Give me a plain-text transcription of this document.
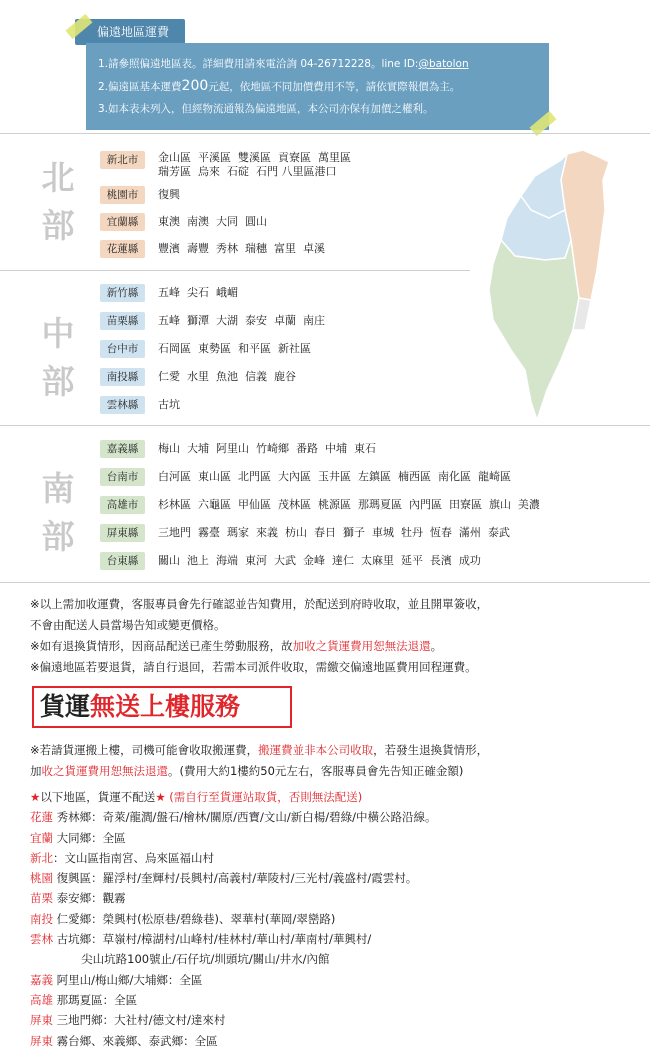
偏遠地區運費
1.請參照偏遠地區表。詳細費用請來電洽詢 04-26712228。line ID:@batolon
2.偏遠區基本運費200元起，依地區不同加價費用不等，請依實際報價為主。
3.如本表未列入，但經物流通報為偏遠地區，本公司亦保有加價之權利。
北
部
新北市	金山區  平溪區  雙溪區  貢寮區  萬里區
瑞芳區  烏來  石碇  石門 八里區港口
桃園市	復興
宜蘭縣	東澳  南澳  大同  圓山
花蓮縣	豐濱  壽豐  秀林  瑞穗  富里  卓溪
中
部
新竹縣	五峰  尖石  峨嵋
苗栗縣	五峰  獅潭  大湖  泰安  卓蘭  南庄
台中市	石岡區  東勢區  和平區  新社區
南投縣	仁愛  水里  魚池  信義  鹿谷
雲林縣	古坑
南
部
嘉義縣	梅山  大埔  阿里山  竹崎鄉  番路  中埔  東石
台南市	白河區  東山區  北門區  大內區  玉井區  左鎮區  楠西區  南化區  龍崎區
高雄市	杉林區  六龜區  甲仙區  茂林區  桃源區  那瑪夏區  內門區  田寮區  旗山  美濃
屏東縣	三地門  霧臺  瑪家  來義  枋山  春日  獅子  車城  牡丹  恆春  滿州  泰武
台東縣	關山  池上  海端  東河  大武  金峰  達仁  太麻里  延平  長濱  成功

※以上需加收運費，客服專員會先行確認並告知費用，於配送到府時收取，並且開單簽收，

不會由配送人員當場告知或變更價格。

※如有退換貨情形，因商品配送已產生勞動服務，故加收之貨運費用恕無法退還。

※偏遠地區若要退貨，請自行退回，若需本司派件收取，需繳交偏遠地區費用回程運費。

貨運無送上樓服務

※若請貨運搬上樓，司機可能會收取搬運費，搬運費並非本公司收取，若發生退換貨情形，

加收之貨運費用恕無法退還。(費用大約1樓約50元左右，客服專員會先告知正確金額)

★以下地區，貨運不配送★ (需自行至貨運站取貨，否則無法配送)

花蓮 秀林鄉：奇萊/龍澗/盤石/檜林/關原/西寶/文山/新白楊/碧綠/中橫公路沿線。

宜蘭 大同鄉：全區

新北：文山區指南宮、烏來區福山村

桃園 復興區：羅浮村/奎輝村/長興村/高義村/華陵村/三光村/義盛村/霞雲村。

苗栗 泰安鄉：觀霧

南投 仁愛鄉：榮興村(松原巷/碧綠巷)、翠華村(華岡/翠巒路)

雲林 古坑鄉：草嶺村/樟湖村/山峰村/桂林村/華山村/華南村/華興村/

尖山坑路100號止/石仔坑/圳頭坑/關山/井水/內館

嘉義 阿里山/梅山鄉/大埔鄉：全區

高雄 那瑪夏區：全區

屏東 三地門鄉：大社村/德文村/達來村

屏東 霧台鄉、來義鄉、泰武鄉：全區
